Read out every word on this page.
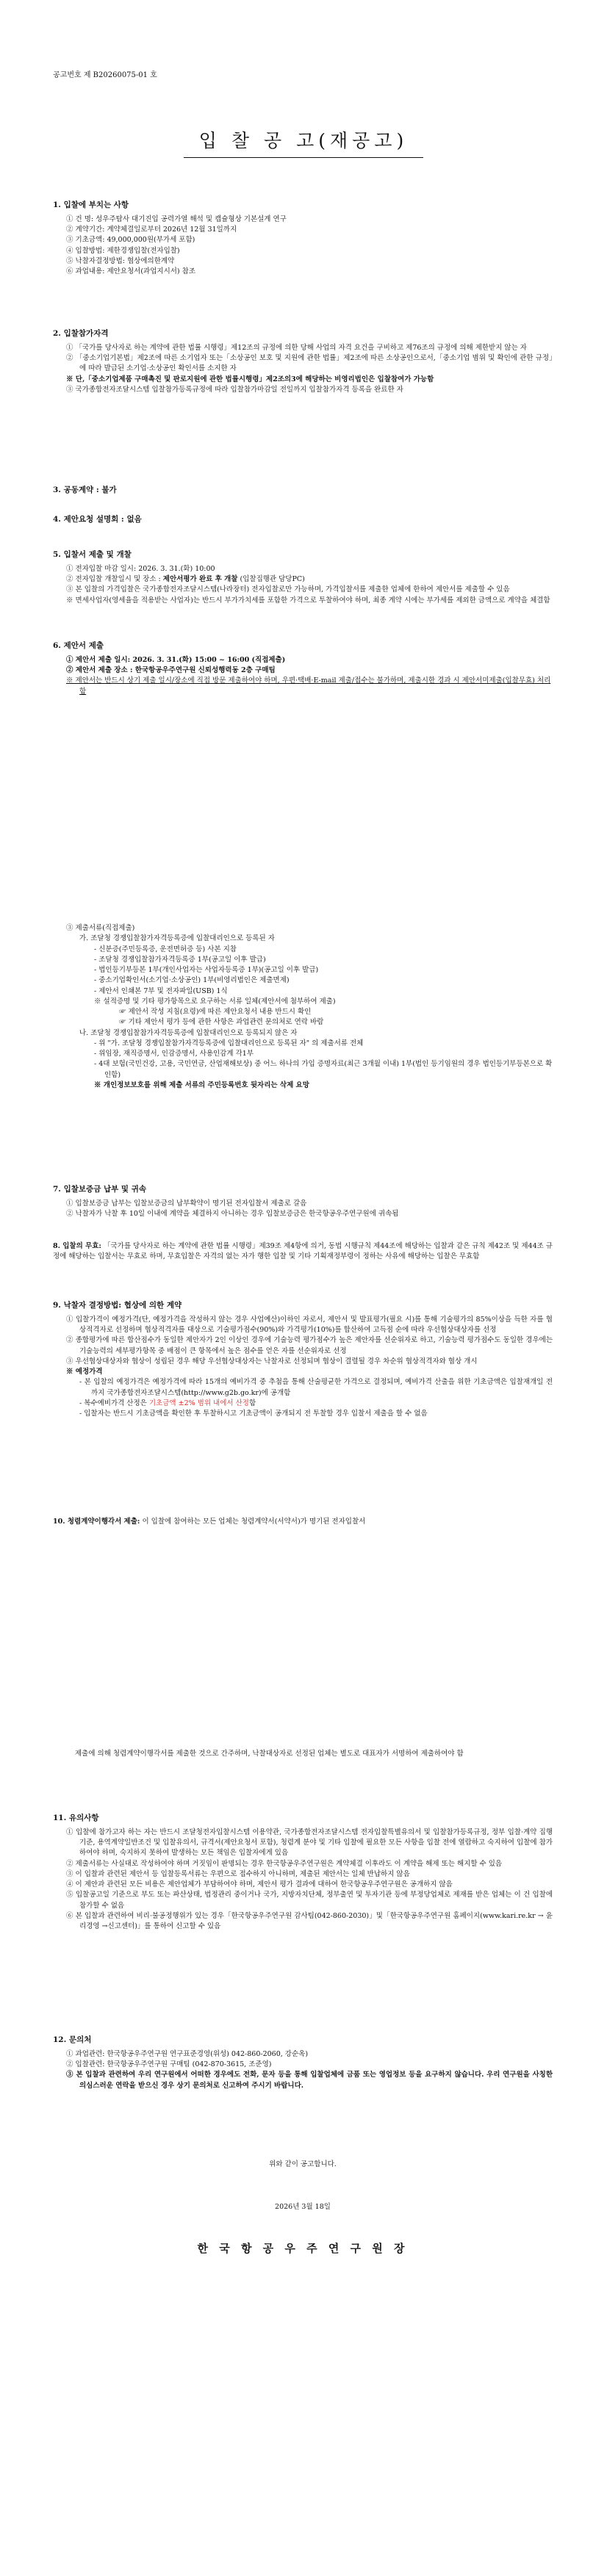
공고번호 제 B20260075-01 호
입 찰 공 고(재공고)

1. 입찰에 부치는 사항

① 건 명: 성우주탐사 대기진입 공력가열 해석 및 캡슐형상 기본설계 연구

② 계약기간: 계약체결일로부터 2026년 12월 31일까지

③ 기초금액: 49,000,000원(부가세 포함)

④ 입찰방법: 제한경쟁입찰(전자입찰)

⑤ 낙찰자결정방법: 협상에의한계약

⑥ 과업내용: 제안요청서(과업지시서) 참조

2. 입찰참가자격

① 「국가를 당사자로 하는 계약에 관한 법률 시행령」제12조의 규정에 의한 당해 사업의 자격 요건을 구비하고 제76조의 규정에 의해 제한받지 않는 자

② 「중소기업기본법」제2조에 따른 소기업자 또는「소상공인 보호 및 지원에 관한 법률」제2조에 따른 소상공인으로서,「중소기업 범위 및 확인에 관한 규정」에 따라 발급된 소기업·소상공인 확인서를 소지한 자

※ 단,「중소기업제품 구매촉진 및 판로지원에 관한 법률시행령」제2조의3에 해당하는 비영리법인은 입찰참여가 가능함

③ 국가종합전자조달시스템 입찰참가등록규정에 따라 입찰참가마감일 전일까지 입찰참가자격 등록을 완료한 자

3. 공동계약 : 불가

4. 제안요청 설명회 : 없음

5. 입찰서 제출 및 개찰

① 전자입찰 마감 일시: 2026. 3. 31.(화) 10:00

② 전자입찰 개찰일시 및 장소 : 제안서평가 완료 후 개찰 (입찰집행관 담당PC)

③ 본 입찰의 가격입찰은 국가종합전자조달시스템(나라장터) 전자입찰로만 가능하며, 가격입찰서를 제출한 업체에 한하여 제안서를 제출할 수 있음

※ 면세사업자(영세율을 적용받는 사업자)는 반드시 부가가치세를 포함한 가격으로 투찰하여야 하며, 최종 계약 시에는 부가세를 제외한 금액으로 계약을 체결함

6. 제안서 제출

① 제안서 제출 일시: 2026. 3. 31.(화) 15:00 ~ 16:00 (직접제출)

② 제안서 제출 장소 : 한국항공우주연구원 신뢰성행력동 2층 구매팀

※ 제안서는 반드시 상기 제출 일시/장소에 직접 방문 제출하여야 하며, 우편·택배·E-mail 제출/접수는 불가하며, 제출시한 경과 시 제안서미제출(입찰무효) 처리함

③ 제출서류(직접제출)

가. 조달청 경쟁입찰참가자격등록증에 입찰대리인으로 등록된 자

- 신분증(주민등록증, 운전면허증 등) 사본 지참

- 조달청 경쟁입찰참가자격등록증 1부(공고일 이후 발급)

- 법인등기부등본 1부(개인사업자는 사업자등록증 1부)(공고일 이후 발급)

- 중소기업확인서(소기업·소상공인) 1부(비영리법인은 제출면제)

- 제안서 인쇄본 7부 및 전자파일(USB) 1식

※ 설적증명 및 기타 평가항목으로 요구하는 서류 일체(제안서에 첨부하여 제출)

☞ 제안서 작성 지침(요령)에 따른 제안요청서 내용 반드시 확인

☞ 기타 제안서 평가 등에 관한 사항은 과업관련 문의처로 연락 바람

나. 조달청 경쟁입찰참가자격등록증에 입찰대리인으로 등록되지 않은 자

- 위 "가. 조달청 경쟁입찰참가자격등록증에 입찰대리인으로 등록된 자" 의 제출서류 전체

- 위임장, 재직증명서, 인감증명서, 사용인감계 각1부

- 4대 보험(국민건강, 고용, 국민연금, 산업재해보상) 중 어느 하나의 가입 증명자료(최근 3개월 이내) 1부(법인 등기임원의 경우 법인등기부등본으로 확인함)

※ 개인정보보호를 위해 제출 서류의 주민등록번호 뒷자리는 삭제 요망

7. 입찰보증금 납부 및 귀속

① 입찰보증금 납부는 입찰보증금의 납부확약이 명기된 전자입찰서 제출로 갈음

② 낙찰자가 낙찰 후 10일 이내에 계약을 체결하지 아니하는 경우 입찰보증금은 한국항공우주연구원에 귀속됨

8. 입찰의 무효: 「국가를 당사자로 하는 계약에 관한 법률 시행령」제39조 제4항에 의거, 동법 시행규칙 제44조에 해당하는 입찰과 같은 규칙 제42조 및 제44조 규정에 해당하는 입찰서는 무효로 하며, 무효입찰은 자격의 없는 자가 행한 입찰 및 기타 기획재정부령이 정하는 사유에 해당하는 입찰은 무효함

9. 낙찰자 결정방법: 협상에 의한 계약

① 입찰가격이 예정가격(단, 예정가격을 작성하지 않는 경우 사업예산)이하인 자로서, 제안서 및 발표평가(필요 시)를 통해 기술평가의 85%이상을 득한 자를 협상적격자로 선정하며 협상적격자를 대상으로 기술평가점수(90%)와 가격평가(10%)를 합산하여 고득점 순에 따라 우선협상대상자를 선정

② 종합평가에 따른 합산점수가 동일한 제안자가 2인 이상인 경우에 기술능력 평가점수가 높은 제안자를 선순위자로 하고, 기술능력 평가점수도 동일한 경우에는 기술능력의 세부평가항목 중 배점이 큰 항목에서 높은 점수를 얻은 자를 선순위자로 선정

③ 우선협상대상자와 협상이 성립된 경우 해당 우선협상대상자는 낙찰자로 선정되며 협상이 결렬될 경우 차순위 협상적격자와 협상 개시

※ 예정가격

- 본 입찰의 예정가격은 예정가격에 따라 15개의 예비가격 중 추첨을 통해 산술평균한 가격으로 결정되며, 예비가격 산출을 위한 기초금액은 입찰재개일 전까지 국가종합전자조달시스템(http://www.g2b.go.kr)에 공개함

- 복수예비가격 산정은 기초금액 ±2% 범위 내에서 산정함

- 입찰자는 반드시 기초금액을 확인한 후 투찰하시고 기초금액이 공개되지 전 투찰할 경우 입찰서 제출을 할 수 없음

10. 청렴계약이행각서 제출: 이 입찰에 참여하는 모든 업체는 청렴계약서(서약서)가 명기된 전자입찰서

제출에 의해 청렴계약이행각서를 제출한 것으로 간주하며, 낙찰대상자로 선정된 업체는 별도로 대표자가 서명하여 제출하여야 함

11. 유의사항

① 입찰에 참가고자 하는 자는 반드시 조달청전자입찰시스템 이용약관, 국가종합전자조달시스템 전자입찰특별유의서 및 입찰참가등록규정, 정부 입찰·계약 집행기준, 용역계약일반조건 및 입찰유의서, 규격서(제안요청서 포함), 청렴계 분야 및 기타 입찰에 필요한 모든 사항을 입찰 전에 열람하고 숙지하여 입찰에 참가하여야 하며, 숙지하지 못하여 발생하는 모든 책임은 입찰자에게 있음

② 제출서류는 사실대로 작성하여야 하며 거짓임이 판명되는 경우 한국항공우주연구원은 계약체결 이후라도 이 계약을 해제 또는 해지할 수 있음

③ 이 입찰과 관련된 제안서 등 입찰등록서류는 우편으로 접수하지 아니하며, 제출된 제안서는 일체 반납하지 않음

④ 이 제안과 관련된 모든 비용은 제안업체가 부담하여야 하며, 제안서 평가 결과에 대하여 한국항공우주연구원은 공개하지 않음

⑤ 입찰공고일 기준으로 부도 또는 파산상태, 법정관리 중이거나 국가, 지방자치단체, 정부출연 및 투자기관 등에 부정당업체로 제재를 받은 업체는 이 건 입찰에 참가할 수 없음

⑥ 본 입찰과 관련하여 비리·불공정행위가 있는 경우「한국항공우주연구원 감사팀(042-860-2030)」및「한국항공우주연구원 홈페이지(www.kari.re.kr → 윤리경영 →신고센터)」를 통하여 신고할 수 있음

12. 문의처

① 과업관련: 한국항공우주연구원 연구표준경영(위성) 042-860-2060, 강순옥)

② 입찰관련: 한국항공우주연구원 구매팀 (042-870-3615, 조준영)

③ 본 입찰과 관련하여 우리 연구원에서 어떠한 경우에도 전화, 문자 등을 통해 입찰업체에 금품 또는 영업정보 등을 요구하지 않습니다. 우리 연구원을 사칭한 의심스러운 연락을 받으신 경우 상기 문의처로 신고하여 주시기 바랍니다.

위와 같이 공고합니다.
2026년 3월 18일
한 국 항 공 우 주 연 구 원 장
